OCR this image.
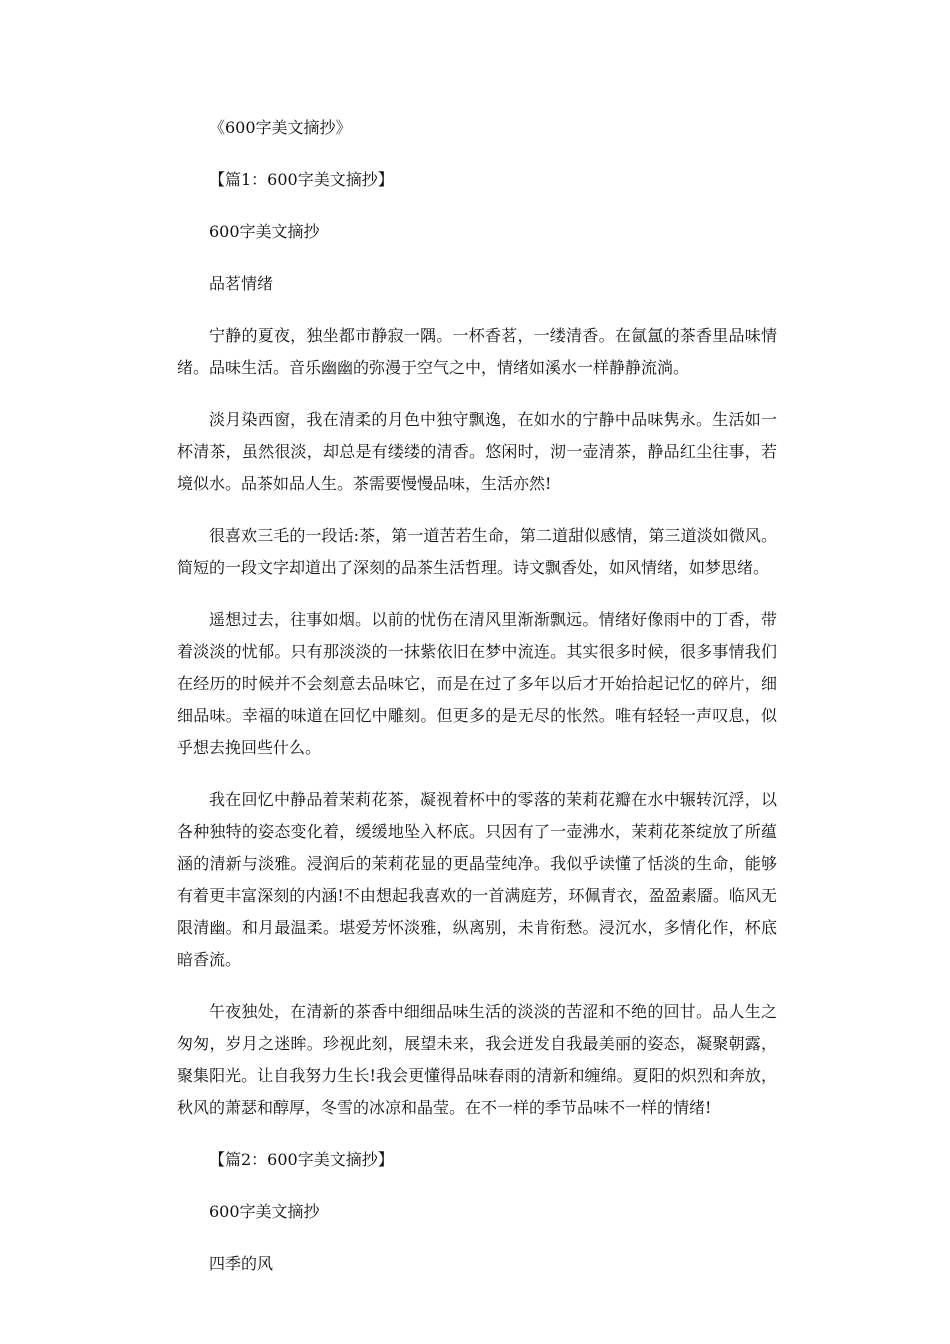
《600字美文摘抄》

【篇1：600字美文摘抄】

600字美文摘抄

品茗情绪

宁静的夏夜，独坐都市静寂一隅。一杯香茗，一缕清香。在氤氲的茶香里品味情绪。品味生活。音乐幽幽的弥漫于空气之中，情绪如溪水一样静静流淌。

淡月染西窗，我在清柔的月色中独守飘逸，在如水的宁静中品味隽永。生活如一杯清茶，虽然很淡，却总是有缕缕的清香。悠闲时，沏一壶清茶，静品红尘往事，若境似水。品茶如品人生。茶需要慢慢品味，生活亦然!

很喜欢三毛的一段话:茶，第一道苦若生命，第二道甜似感情，第三道淡如微风。简短的一段文字却道出了深刻的品茶生活哲理。诗文飘香处，如风情绪，如梦思绪。

遥想过去，往事如烟。以前的忧伤在清风里渐渐飘远。情绪好像雨中的丁香，带着淡淡的忧郁。只有那淡淡的一抹紫依旧在梦中流连。其实很多时候，很多事情我们在经历的时候并不会刻意去品味它，而是在过了多年以后才开始拾起记忆的碎片，细细品味。幸福的味道在回忆中雕刻。但更多的是无尽的怅然。唯有轻轻一声叹息，似乎想去挽回些什么。

我在回忆中静品着茉莉花茶，凝视着杯中的零落的茉莉花瓣在水中辗转沉浮，以各种独特的姿态变化着，缓缓地坠入杯底。只因有了一壶沸水，茉莉花茶绽放了所蕴涵的清新与淡雅。浸润后的茉莉花显的更晶莹纯净。我似乎读懂了恬淡的生命，能够有着更丰富深刻的内涵!不由想起我喜欢的一首满庭芳，环佩青衣，盈盈素靥。临风无限清幽。和月最温柔。堪爱芳怀淡雅，纵离别，未肯衔愁。浸沉水，多情化作，杯底暗香流。

午夜独处，在清新的茶香中细细品味生活的淡淡的苦涩和不绝的回甘。品人生之匆匆，岁月之迷眸。珍视此刻，展望未来，我会迸发自我最美丽的姿态，凝聚朝露，聚集阳光。让自我努力生长!我会更懂得品味春雨的清新和缠绵。夏阳的炽烈和奔放，秋风的萧瑟和醇厚，冬雪的冰凉和晶莹。在不一样的季节品味不一样的情绪!

【篇2：600字美文摘抄】

600字美文摘抄

四季的风
